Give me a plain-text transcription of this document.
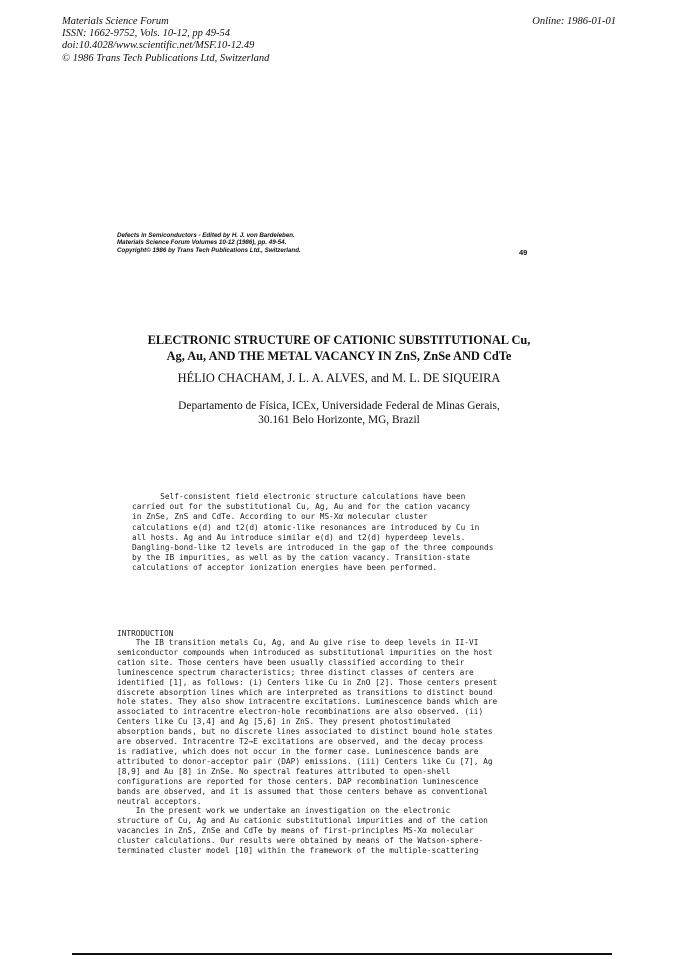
Materials Science Forum
ISSN: 1662-9752, Vols. 10-12, pp 49-54
doi:10.4028/www.scientific.net/MSF.10-12.49
© 1986 Trans Tech Publications Ltd, Switzerland
Online: 1986-01-01
Defects in Semiconductors - Edited by H. J. von Bardeleben.
Materials Science Forum Volumes 10-12 (1986), pp. 49-54.
Copyright© 1986 by Trans Tech Publications Ltd., Switzerland.	49
ELECTRONIC STRUCTURE OF CATIONIC SUBSTITUTIONAL Cu,
Ag, Au, AND THE METAL VACANCY IN ZnS, ZnSe AND CdTe
HÉLIO CHACHAM, J. L. A. ALVES, and M. L. DE SIQUEIRA
Departamento de Física, ICEx, Universidade Federal de Minas Gerais,
30.161 Belo Horizonte, MG, Brazil
Self-consistent field electronic structure calculations have been
carried out for the substitutional Cu, Ag, Au and for the cation vacancy
in ZnSe, ZnS and CdTe. According to our MS-Xα molecular cluster
calculations e(d) and t2(d) atomic-like resonances are introduced by Cu in
all hosts. Ag and Au introduce similar e(d) and t2(d) hyperdeep levels.
Dangling-bond-like t2 levels are introduced in the gap of the three compounds
by the IB impurities, as well as by the cation vacancy. Transition-state
calculations of acceptor ionization energies have been performed.
INTRODUCTION
The IB transition metals Cu, Ag, and Au give rise to deep levels in II-VI
semiconductor compounds when introduced as substitutional impurities on the host
cation site. Those centers have been usually classified according to their
luminescence spectrum characteristics; three distinct classes of centers are
identified [1], as follows: (i) Centers like Cu in ZnO [2]. Those centers present
discrete absorption lines which are interpreted as transitions to distinct bound
hole states. They also show intracentre excitations. Luminescence bands which are
associated to intracentre electron-hole recombinations are also observed. (ii)
Centers like Cu [3,4] and Ag [5,6] in ZnS. They present photostimulated
absorption bands, but no discrete lines associated to distinct bound hole states
are observed. Intracentre T2→E excitations are observed, and the decay process
is radiative, which does not occur in the former case. Luminescence bands are
attributed to donor-acceptor pair (DAP) emissions. (iii) Centers like Cu [7], Ag
[8,9] and Au [8] in ZnSe. No spectral features attributed to open-shell
configurations are reported for those centers. DAP recombination luminescence
bands are observed, and it is assumed that those centers behave as conventional
neutral acceptors.
In the present work we undertake an investigation on the electronic
structure of Cu, Ag and Au cationic substitutional impurities and of the cation
vacancies in ZnS, ZnSe and CdTe by means of first-principles MS-Xα molecular
cluster calculations. Our results were obtained by means of the Watson-sphere-
terminated cluster model [10] within the framework of the multiple-scattering
